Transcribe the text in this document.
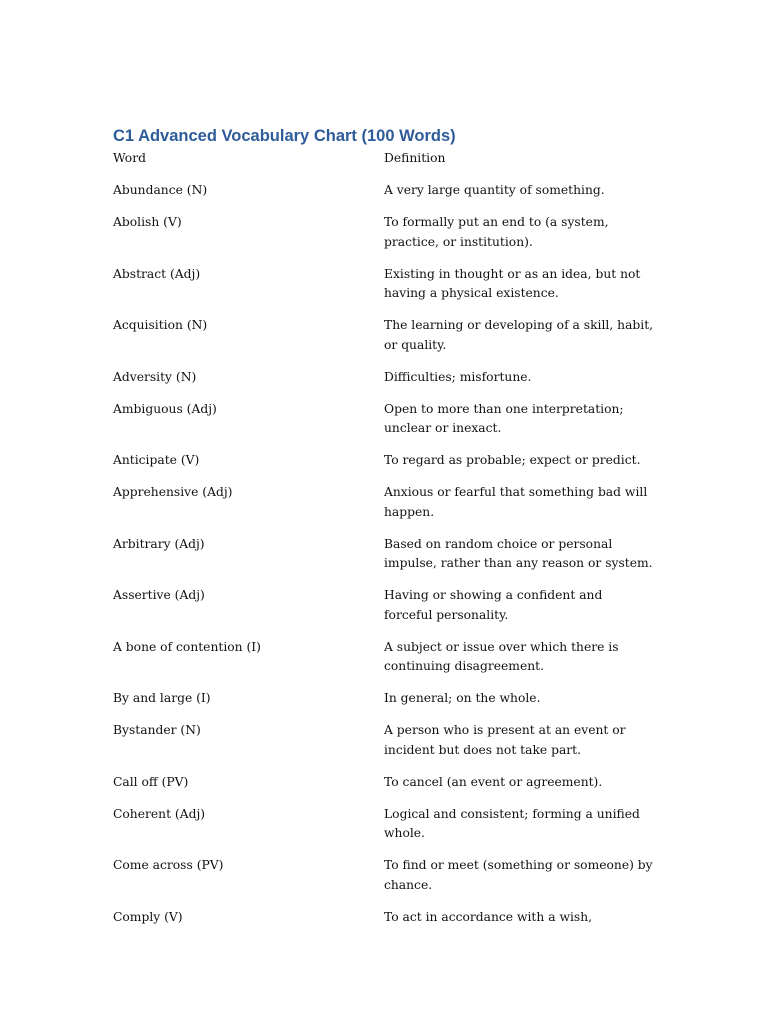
C1 Advanced Vocabulary Chart (100 Words)
Word	Definition
Abundance (N)	A very large quantity of something.
Abolish (V)	To formally put an end to (a system, practice, or institution).
Abstract (Adj)	Existing in thought or as an idea, but not having a physical existence.
Acquisition (N)	The learning or developing of a skill, habit, or quality.
Adversity (N)	Difficulties; misfortune.
Ambiguous (Adj)	Open to more than one interpretation; unclear or inexact.
Anticipate (V)	To regard as probable; expect or predict.
Apprehensive (Adj)	Anxious or fearful that something bad will happen.
Arbitrary (Adj)	Based on random choice or personal impulse, rather than any reason or system.
Assertive (Adj)	Having or showing a confident and forceful personality.
A bone of contention (I)	A subject or issue over which there is continuing disagreement.
By and large (I)	In general; on the whole.
Bystander (N)	A person who is present at an event or incident but does not take part.
Call off (PV)	To cancel (an event or agreement).
Coherent (Adj)	Logical and consistent; forming a unified whole.
Come across (PV)	To find or meet (something or someone) by chance.
Comply (V)	To act in accordance with a wish,
